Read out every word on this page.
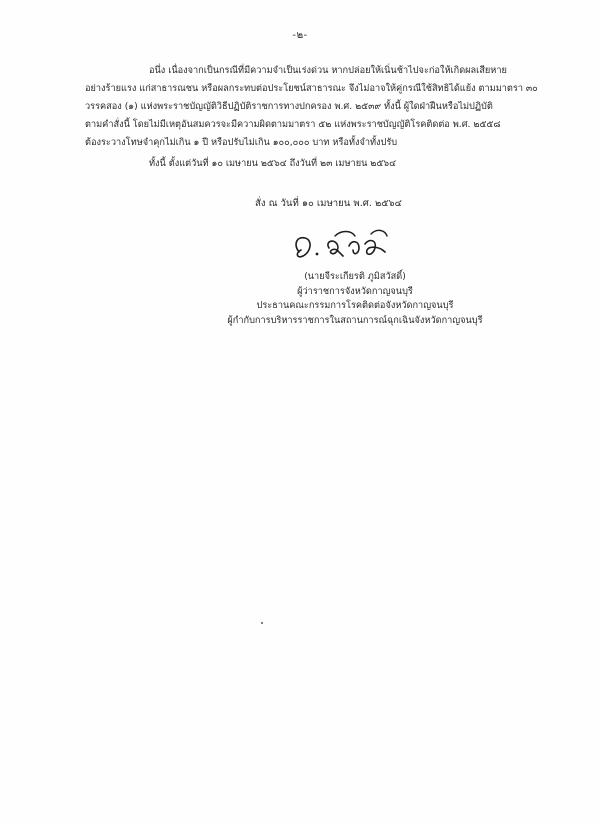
-๒-
อนึ่ง เนื่องจากเป็นกรณีที่มีความจำเป็นเร่งด่วน หากปล่อยให้เนิ่นช้าไปจะก่อให้เกิดผลเสียหาย
อย่างร้ายแรง แก่สาธารณชน หรือผลกระทบต่อประโยชน์สาธารณะ จึงไม่อาจให้คู่กรณีใช้สิทธิได้แย้ง ตามมาตรา ๓๐
วรรคสอง (๑) แห่งพระราชบัญญัติวิธีปฏิบัติราชการทางปกครอง พ.ศ. ๒๕๓๙ ทั้งนี้ ผู้ใดฝ่าฝืนหรือไม่ปฏิบัติ
ตามคำสั่งนี้ โดยไม่มีเหตุอันสมควรจะมีความผิดตามมาตรา ๕๒ แห่งพระราชบัญญัติโรคติดต่อ พ.ศ. ๒๕๕๘
ต้องระวางโทษจำคุกไม่เกิน ๑ ปี หรือปรับไม่เกิน ๑๐๐,๐๐๐ บาท หรือทั้งจำทั้งปรับ
ทั้งนี้ ตั้งแต่วันที่ ๑๐ เมษายน ๒๕๖๔ ถึงวันที่ ๒๓ เมษายน ๒๕๖๔
สั่ง ณ วันที่ ๑๐ เมษายน พ.ศ. ๒๕๖๔
(นายจีระเกียรติ ภูมิสวัสดิ์)
ผู้ว่าราชการจังหวัดกาญจนบุรี
ประธานคณะกรรมการโรคติดต่อจังหวัดกาญจนบุรี
ผู้กำกับการบริหารราชการในสถานการณ์ฉุกเฉินจังหวัดกาญจนบุรี
